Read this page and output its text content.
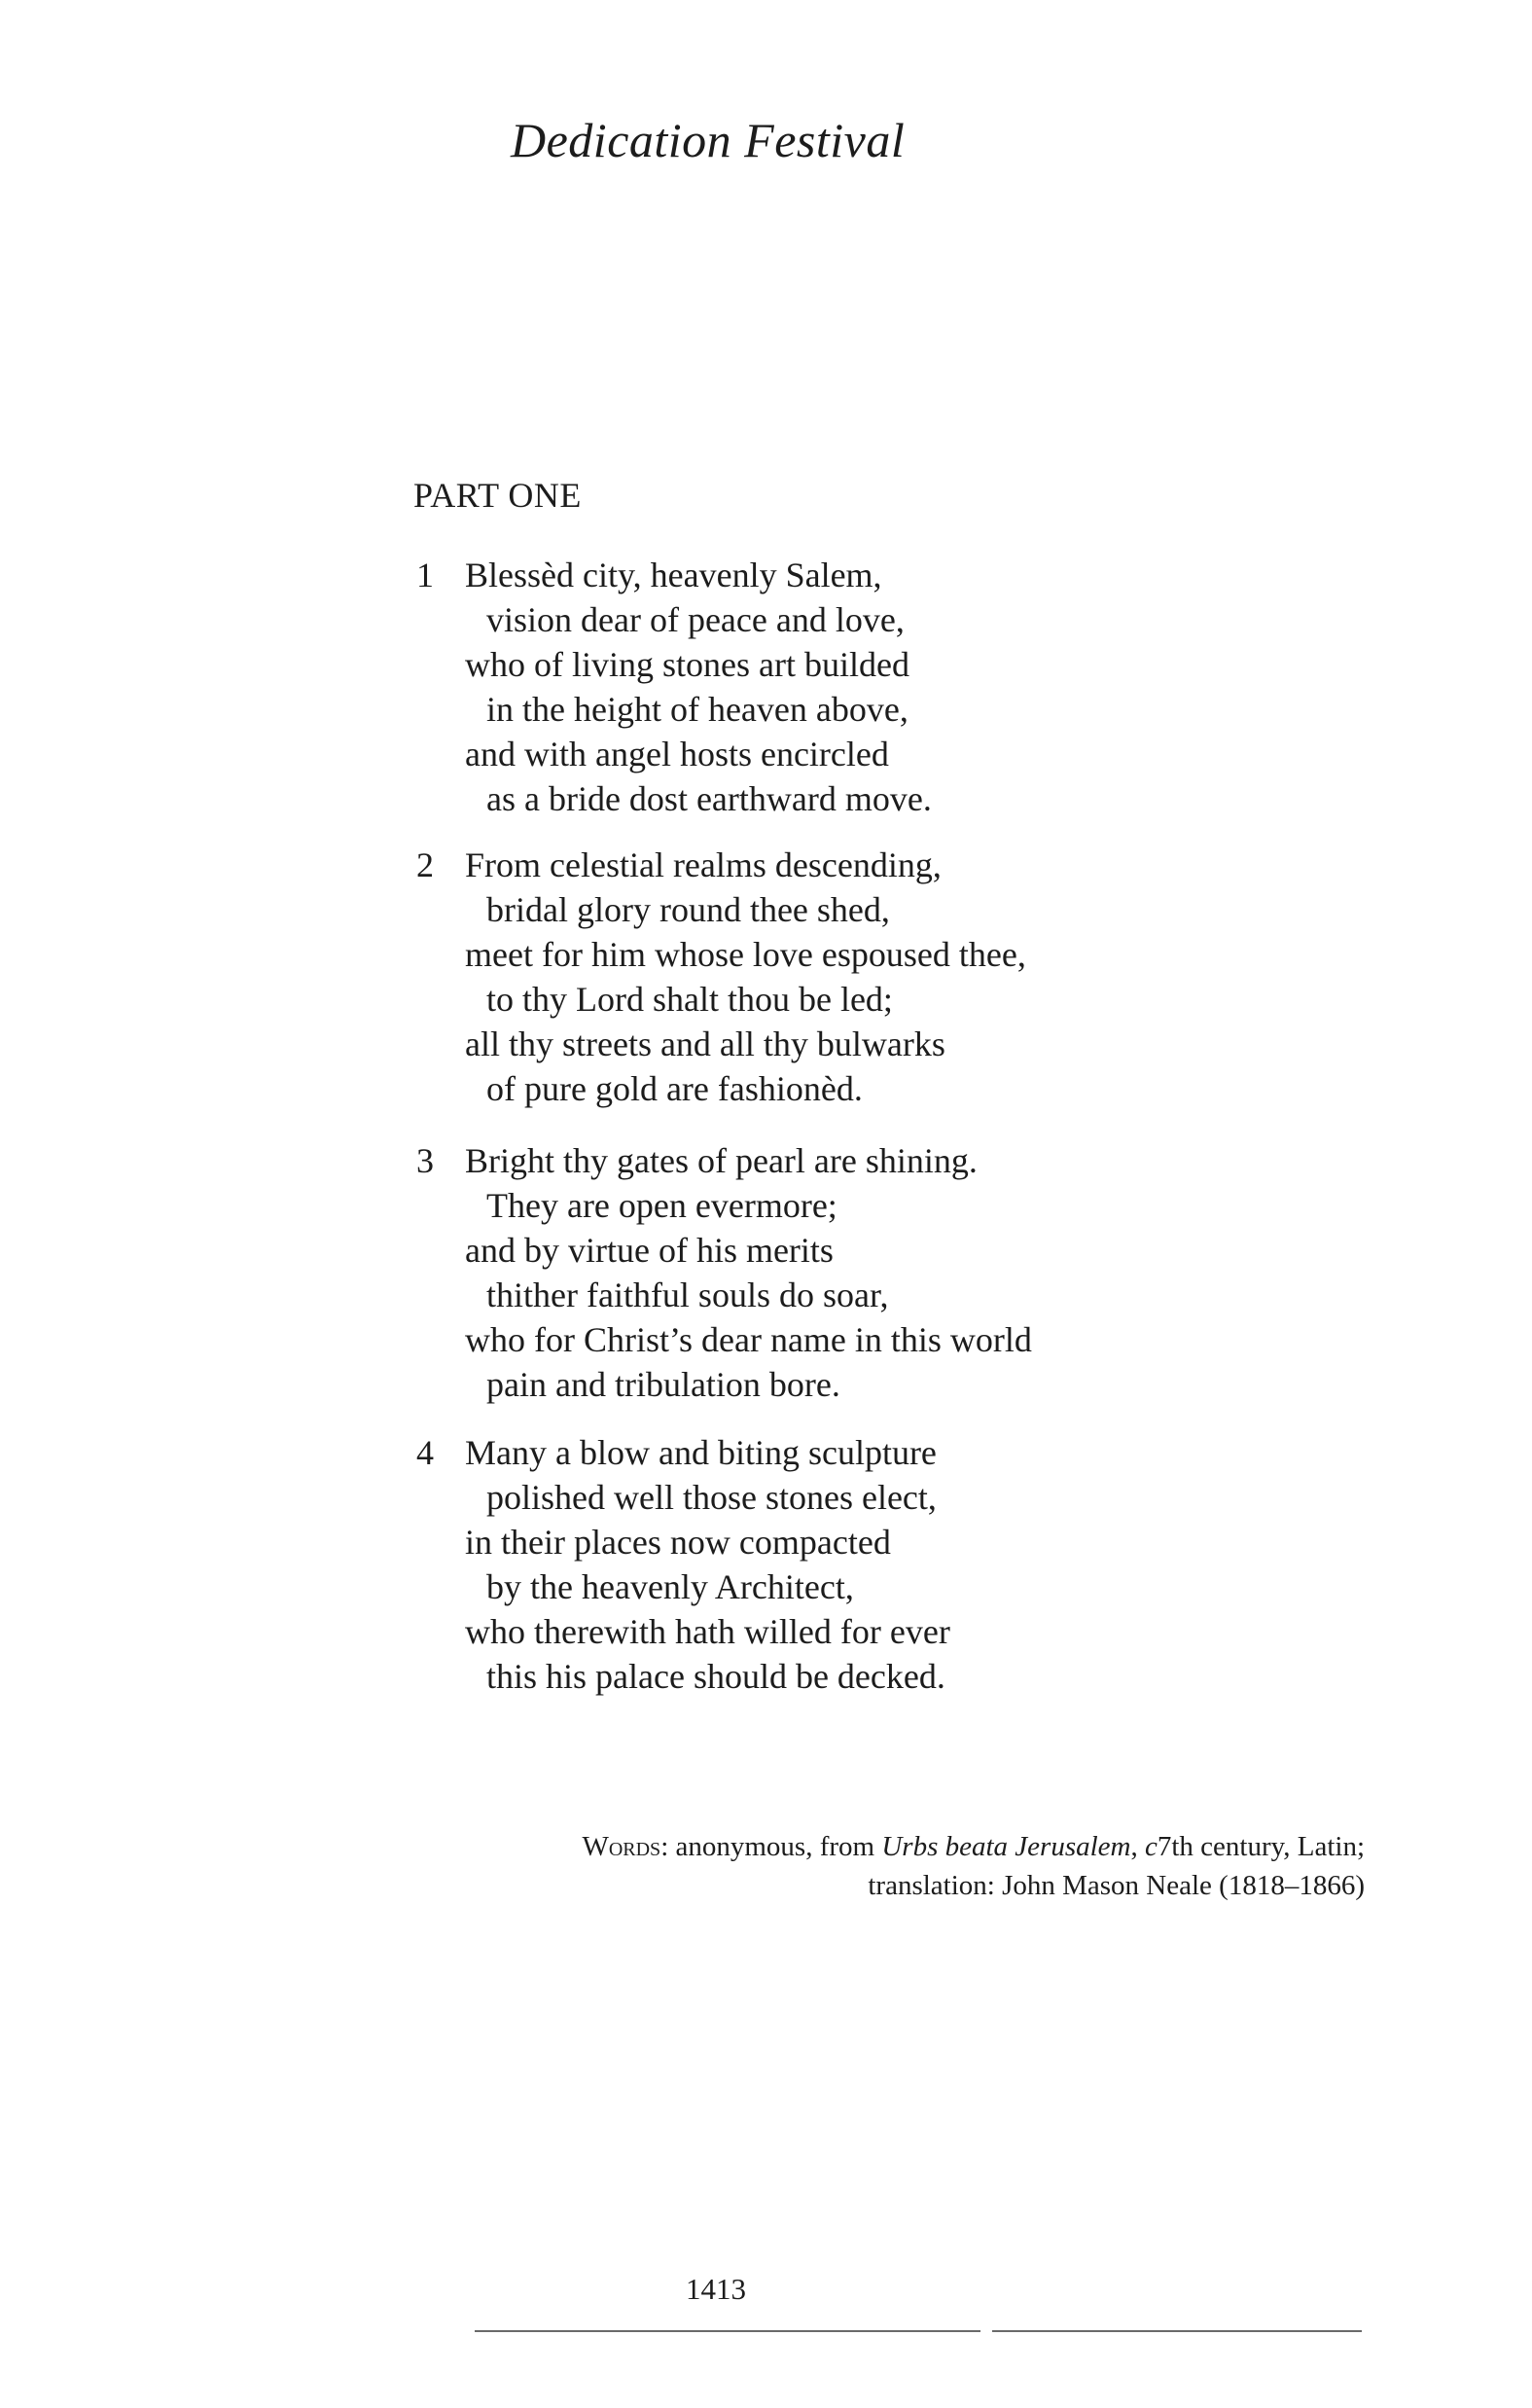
Dedication Festival
PART ONE
1 Blessèd city, heavenly Salem,
vision dear of peace and love,
who of living stones art builded
in the height of heaven above,
and with angel hosts encircled
as a bride dost earthward move.
2 From celestial realms descending,
bridal glory round thee shed,
meet for him whose love espoused thee,
to thy Lord shalt thou be led;
all thy streets and all thy bulwarks
of pure gold are fashionèd.
3 Bright thy gates of pearl are shining.
They are open evermore;
and by virtue of his merits
thither faithful souls do soar,
who for Christ’s dear name in this world
pain and tribulation bore.
4 Many a blow and biting sculpture
polished well those stones elect,
in their places now compacted
by the heavenly Architect,
who therewith hath willed for ever
this his palace should be decked.
Words: anonymous, from Urbs beata Jerusalem, c7th century, Latin;
translation: John Mason Neale (1818–1866)
1413
